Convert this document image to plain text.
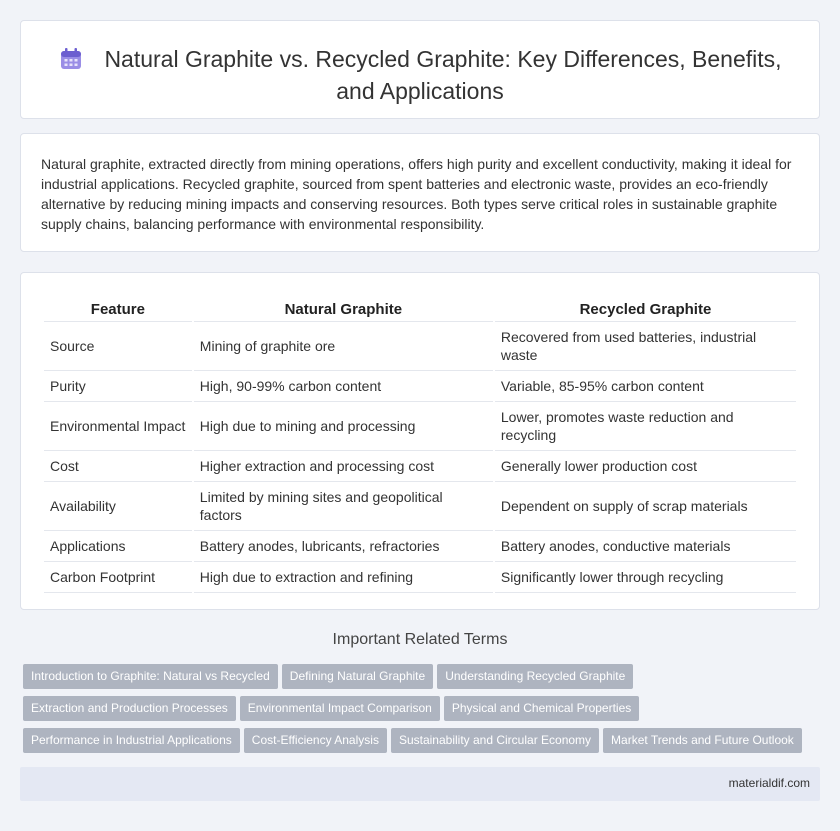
Natural Graphite vs. Recycled Graphite: Key Differences, Benefits, and Applications

Natural graphite, extracted directly from mining operations, offers high purity and excellent conductivity, making it ideal for industrial applications. Recycled graphite, sourced from spent batteries and electronic waste, provides an eco-friendly alternative by reducing mining impacts and conserving resources. Both types serve critical roles in sustainable graphite supply chains, balancing performance with environmental responsibility.

Feature	Natural Graphite	Recycled Graphite
Source	Mining of graphite ore	Recovered from used batteries, industrial waste
Purity	High, 90-99% carbon content	Variable, 85-95% carbon content
Environmental Impact	High due to mining and processing	Lower, promotes waste reduction and recycling
Cost	Higher extraction and processing cost	Generally lower production cost
Availability	Limited by mining sites and geopolitical factors	Dependent on supply of scrap materials
Applications	Battery anodes, lubricants, refractories	Battery anodes, conductive materials
Carbon Footprint	High due to extraction and refining	Significantly lower through recycling
Important Related Terms
Introduction to Graphite: Natural vs Recycled Defining Natural Graphite Understanding Recycled Graphite
Extraction and Production Processes Environmental Impact Comparison Physical and Chemical Properties
Performance in Industrial Applications Cost-Efficiency Analysis Sustainability and Circular Economy Market Trends and Future Outlook
materialdif.com
